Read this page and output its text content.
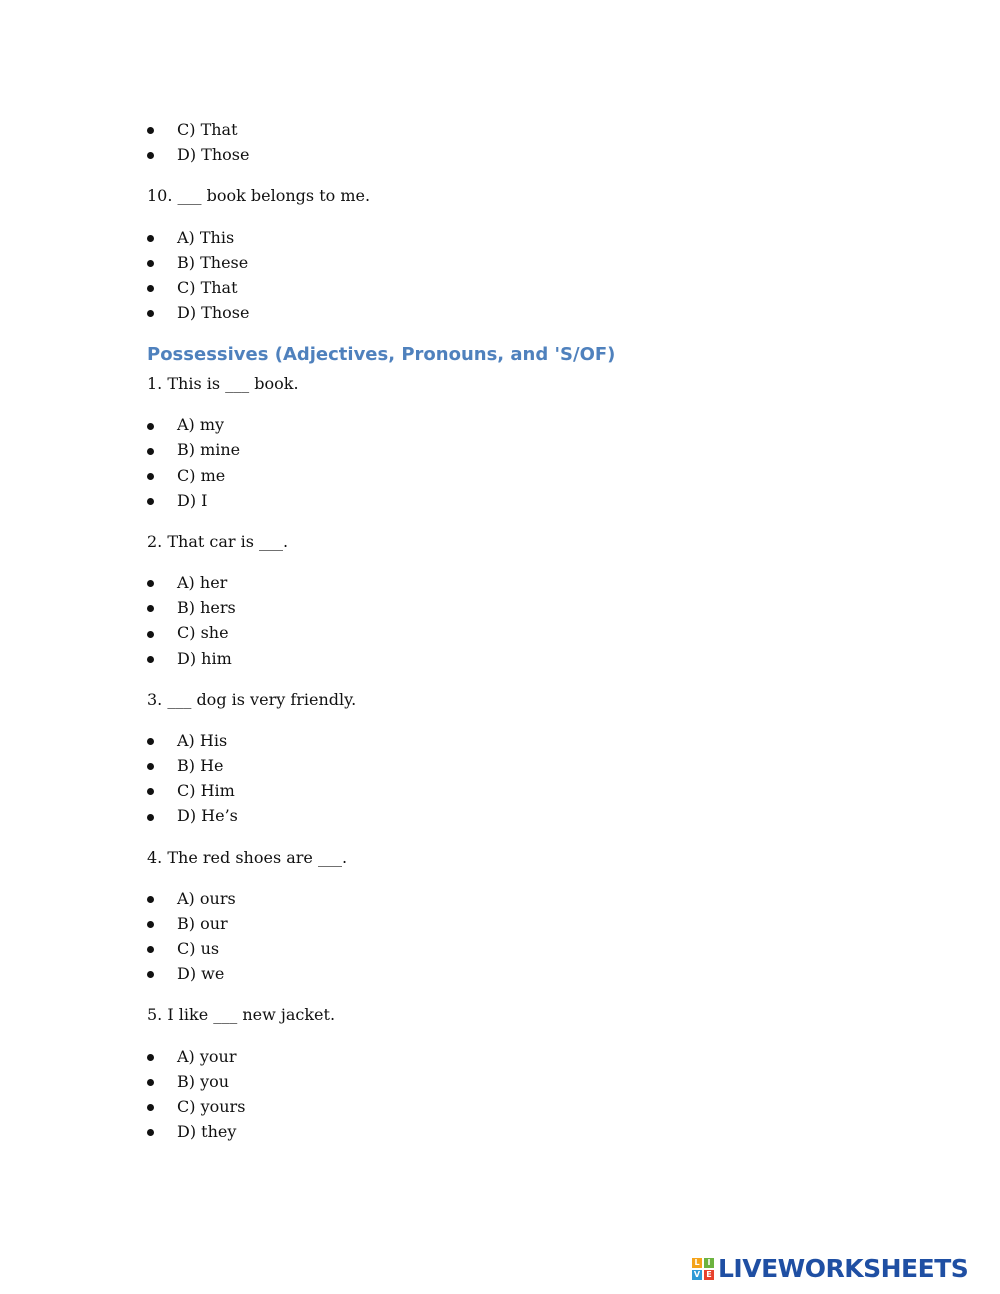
C) That
D) Those
10. ___ book belongs to me.
A) This
B) These
C) That
D) Those
Possessives (Adjectives, Pronouns, and 'S/OF)
1. This is ___ book.
A) my
B) mine
C) me
D) I
2. That car is ___.
A) her
B) hers
C) she
D) him
3. ___ dog is very friendly.
A) His
B) He
C) Him
D) He’s
4. The red shoes are ___.
A) ours
B) our
C) us
D) we
5. I like ___ new jacket.
A) your
B) you
C) yours
D) they
L I
V E LIVEWORKSHEETS
